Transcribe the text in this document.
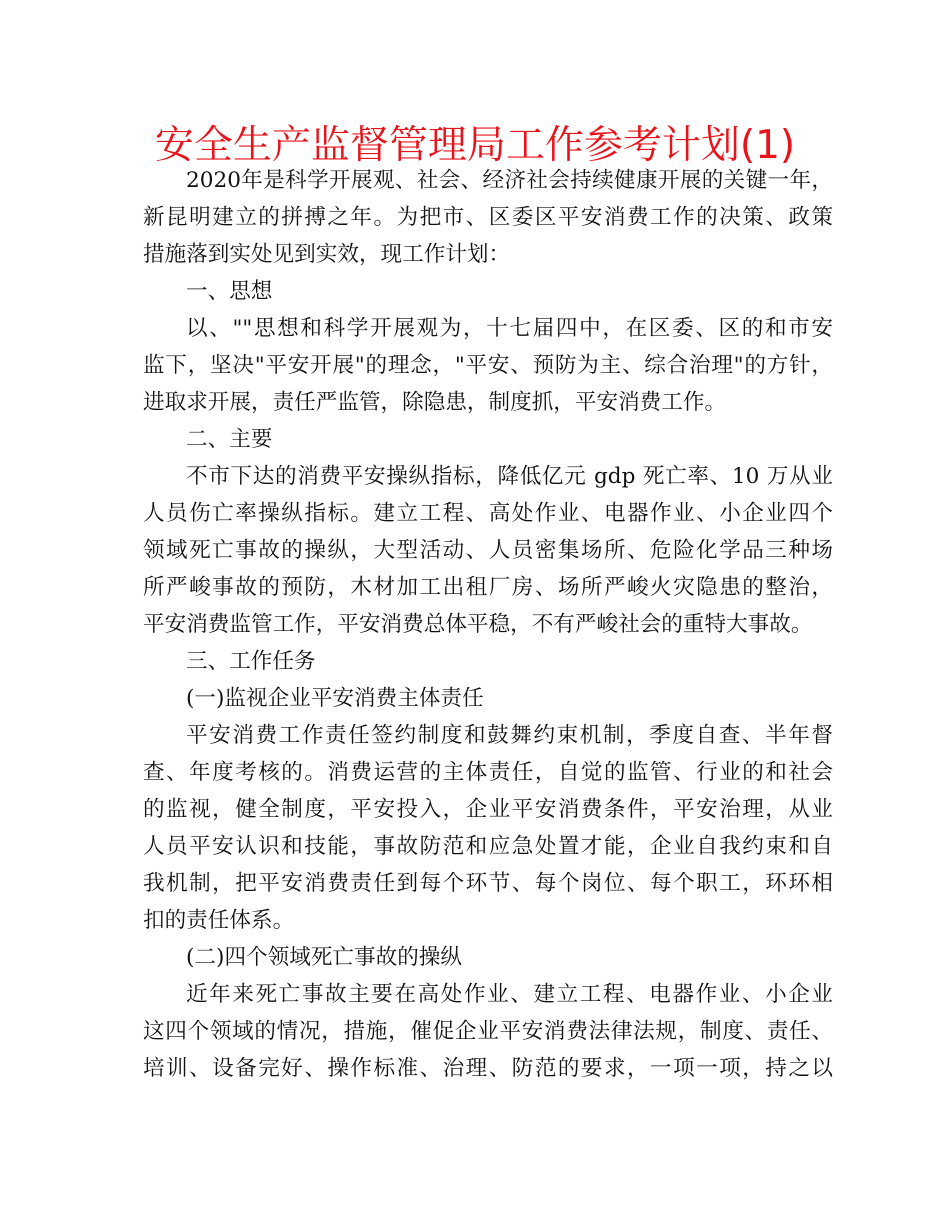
安全生产监督管理局工作参考计划(1)
2020年是科学开展观、社会、经济社会持续健康开展的关键一年，
新昆明建立的拼搏之年。为把市、区委区平安消费工作的决策、政策
措施落到实处见到实效，现工作计划：
一、思想
以、""思想和科学开展观为，十七届四中，在区委、区的和市安
监下，坚决"平安开展"的理念，"平安、预防为主、综合治理"的方针，
进取求开展，责任严监管，除隐患，制度抓，平安消费工作。
二、主要
不市下达的消费平安操纵指标，降低亿元 gdp 死亡率、10 万从业
人员伤亡率操纵指标。建立工程、高处作业、电器作业、小企业四个
领域死亡事故的操纵，大型活动、人员密集场所、危险化学品三种场
所严峻事故的预防，木材加工出租厂房、场所严峻火灾隐患的整治，
平安消费监管工作，平安消费总体平稳，不有严峻社会的重特大事故。
三、工作任务
(一)监视企业平安消费主体责任
平安消费工作责任签约制度和鼓舞约束机制，季度自查、半年督
查、年度考核的。消费运营的主体责任，自觉的监管、行业的和社会
的监视，健全制度，平安投入，企业平安消费条件，平安治理，从业
人员平安认识和技能，事故防范和应急处置才能，企业自我约束和自
我机制，把平安消费责任到每个环节、每个岗位、每个职工，环环相
扣的责任体系。
(二)四个领域死亡事故的操纵
近年来死亡事故主要在高处作业、建立工程、电器作业、小企业
这四个领域的情况，措施，催促企业平安消费法律法规，制度、责任、
培训、设备完好、操作标准、治理、防范的要求，一项一项，持之以
